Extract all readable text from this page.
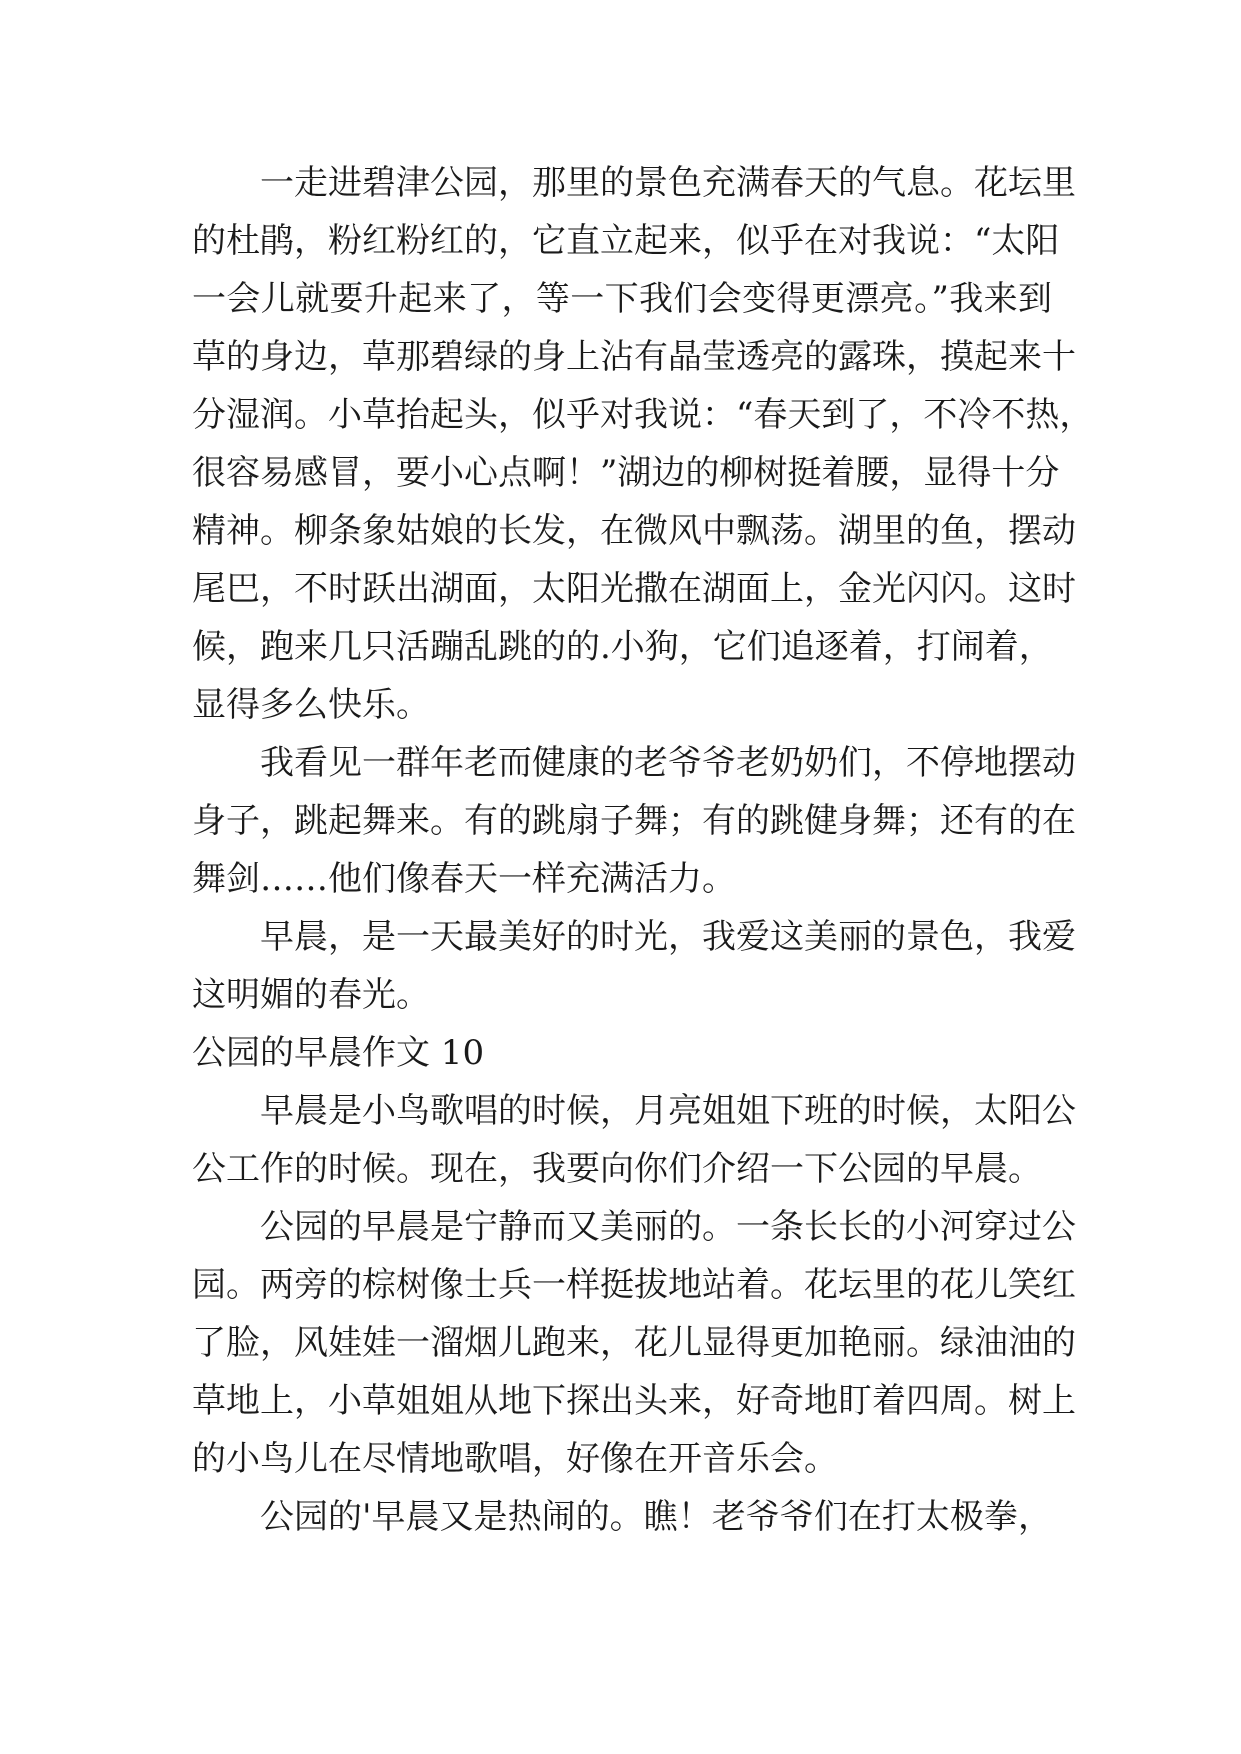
一走进碧津公园，那里的景色充满春天的气息。花坛里
的杜鹃，粉红粉红的，它直立起来，似乎在对我说：“太阳
一会儿就要升起来了，等一下我们会变得更漂亮。”我来到
草的身边，草那碧绿的身上沾有晶莹透亮的露珠，摸起来十
分湿润。小草抬起头，似乎对我说：“春天到了，不冷不热，
很容易感冒，要小心点啊！”湖边的柳树挺着腰，显得十分
精神。柳条象姑娘的长发，在微风中飘荡。湖里的鱼，摆动
尾巴，不时跃出湖面，太阳光撒在湖面上，金光闪闪。这时
候，跑来几只活蹦乱跳的的.小狗，它们追逐着，打闹着，
显得多么快乐。
我看见一群年老而健康的老爷爷老奶奶们，不停地摆动
身子，跳起舞来。有的跳扇子舞；有的跳健身舞；还有的在
舞剑……他们像春天一样充满活力。
早晨，是一天最美好的时光，我爱这美丽的景色，我爱
这明媚的春光。
公园的早晨作文 10
早晨是小鸟歌唱的时候，月亮姐姐下班的时候，太阳公
公工作的时候。现在，我要向你们介绍一下公园的早晨。
公园的早晨是宁静而又美丽的。一条长长的小河穿过公
园。两旁的棕树像士兵一样挺拔地站着。花坛里的花儿笑红
了脸，风娃娃一溜烟儿跑来，花儿显得更加艳丽。绿油油的
草地上，小草姐姐从地下探出头来，好奇地盯着四周。树上
的小鸟儿在尽情地歌唱，好像在开音乐会。
公园的'早晨又是热闹的。瞧！老爷爷们在打太极拳，
